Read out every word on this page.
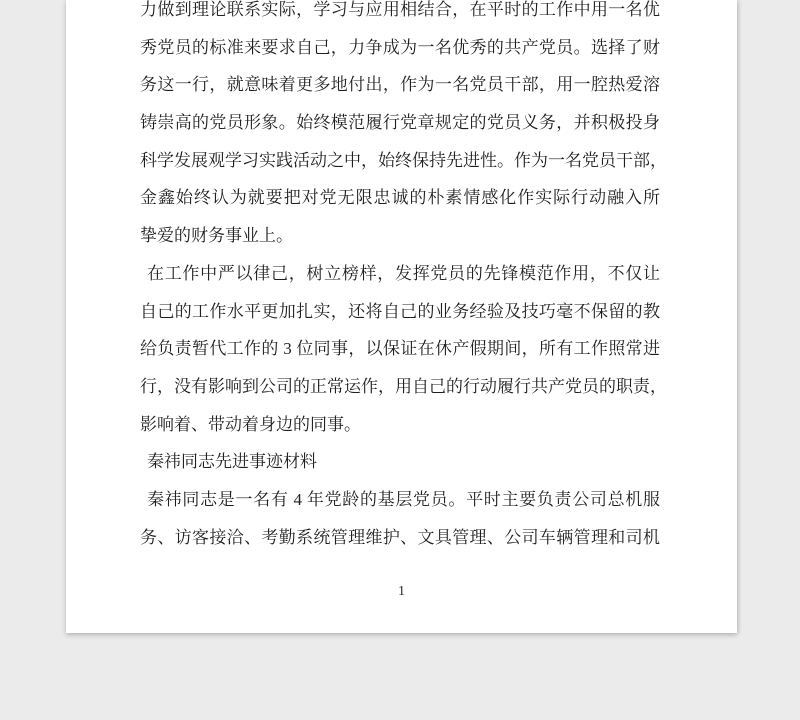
力做到理论联系实际，学习与应用相结合，在平时的工作中用一名优
秀党员的标准来要求自己，力争成为一名优秀的共产党员。选择了财
务这一行，就意味着更多地付出，作为一名党员干部，用一腔热爱溶
铸崇高的党员形象。始终模范履行党章规定的党员义务，并积极投身
科学发展观学习实践活动之中，始终保持先进性。作为一名党员干部，
金鑫始终认为就要把对党无限忠诚的朴素情感化作实际行动融入所
挚爱的财务事业上。
在工作中严以律己，树立榜样，发挥党员的先锋模范作用，不仅让
自己的工作水平更加扎实，还将自己的业务经验及技巧毫不保留的教
给负责暂代工作的 3 位同事，以保证在休产假期间，所有工作照常进
行，没有影响到公司的正常运作，用自己的行动履行共产党员的职责，
影响着、带动着身边的同事。
秦祎同志先进事迹材料
秦祎同志是一名有 4 年党龄的基层党员。平时主要负责公司总机服
务、访客接洽、考勤系统管理维护、文具管理、公司车辆管理和司机
1
